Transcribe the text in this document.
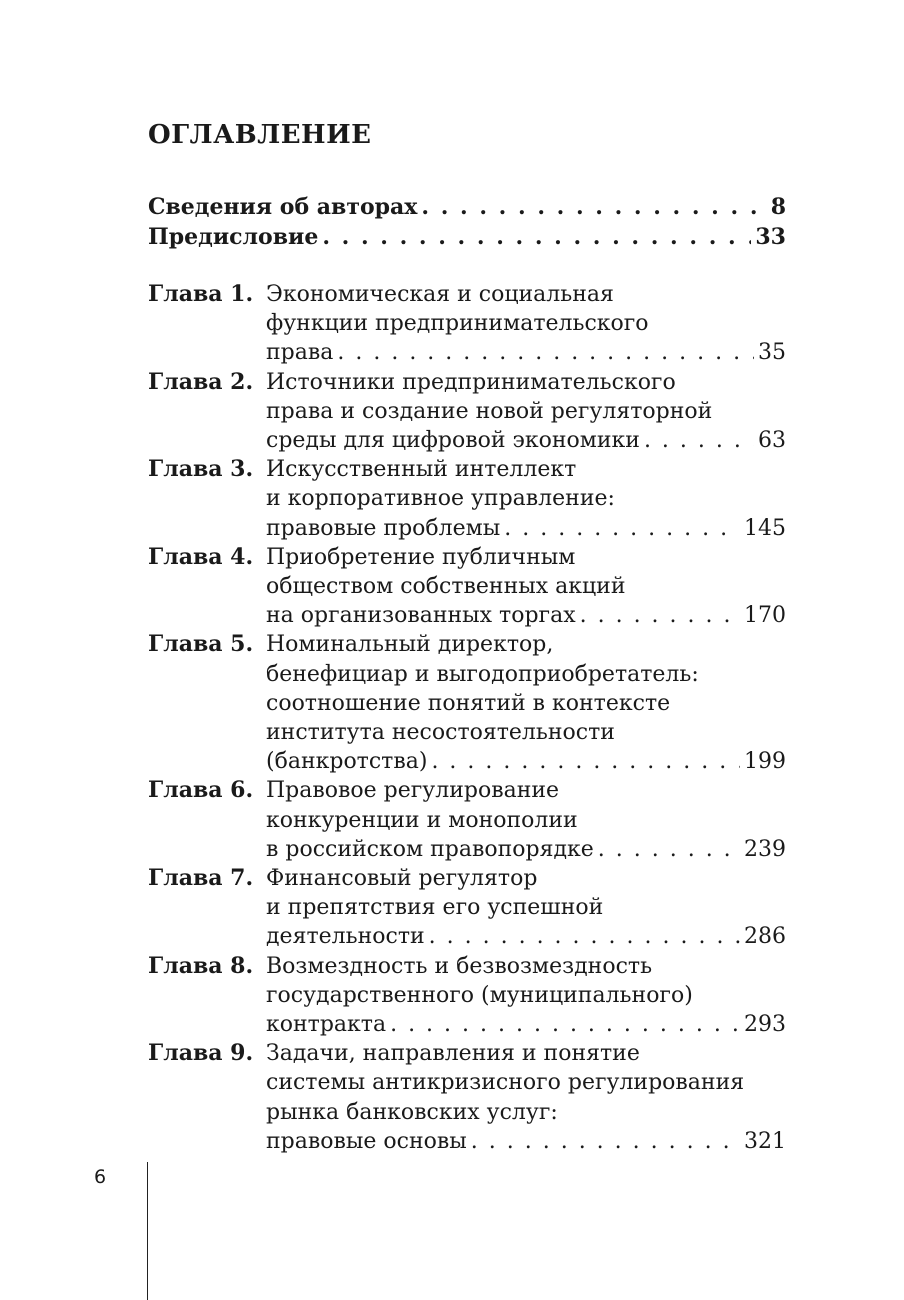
ОГЛАВЛЕНИЕ
Сведения об авторах . . .	8
Предисловие . . .	33
Глава 1. Экономическая и социальная
функции предпринимательского
права . . .	35
Глава 2. Источники предпринимательского
права и создание новой регуляторной
среды для цифровой экономики . . .	63
Глава 3. Искусственный интеллект
и корпоративное управление:
правовые проблемы . . .	145
Глава 4. Приобретение публичным
обществом собственных акций
на организованных торгах . . .	170
Глава 5. Номинальный директор,
бенефициар и выгодоприобретатель:
соотношение понятий в контексте
института несостоятельности
(банкротства) . . .	199
Глава 6. Правовое регулирование
конкуренции и монополии
в российском правопорядке . . .	239
Глава 7. Финансовый регулятор
и препятствия его успешной
деятельности . . .	286
Глава 8. Возмездность и безвозмездность
государственного (муниципального)
контракта . . .	293
Глава 9. Задачи, направления и понятие
системы антикризисного регулирования
рынка банковских услуг:
правовые основы . . .	321
6
